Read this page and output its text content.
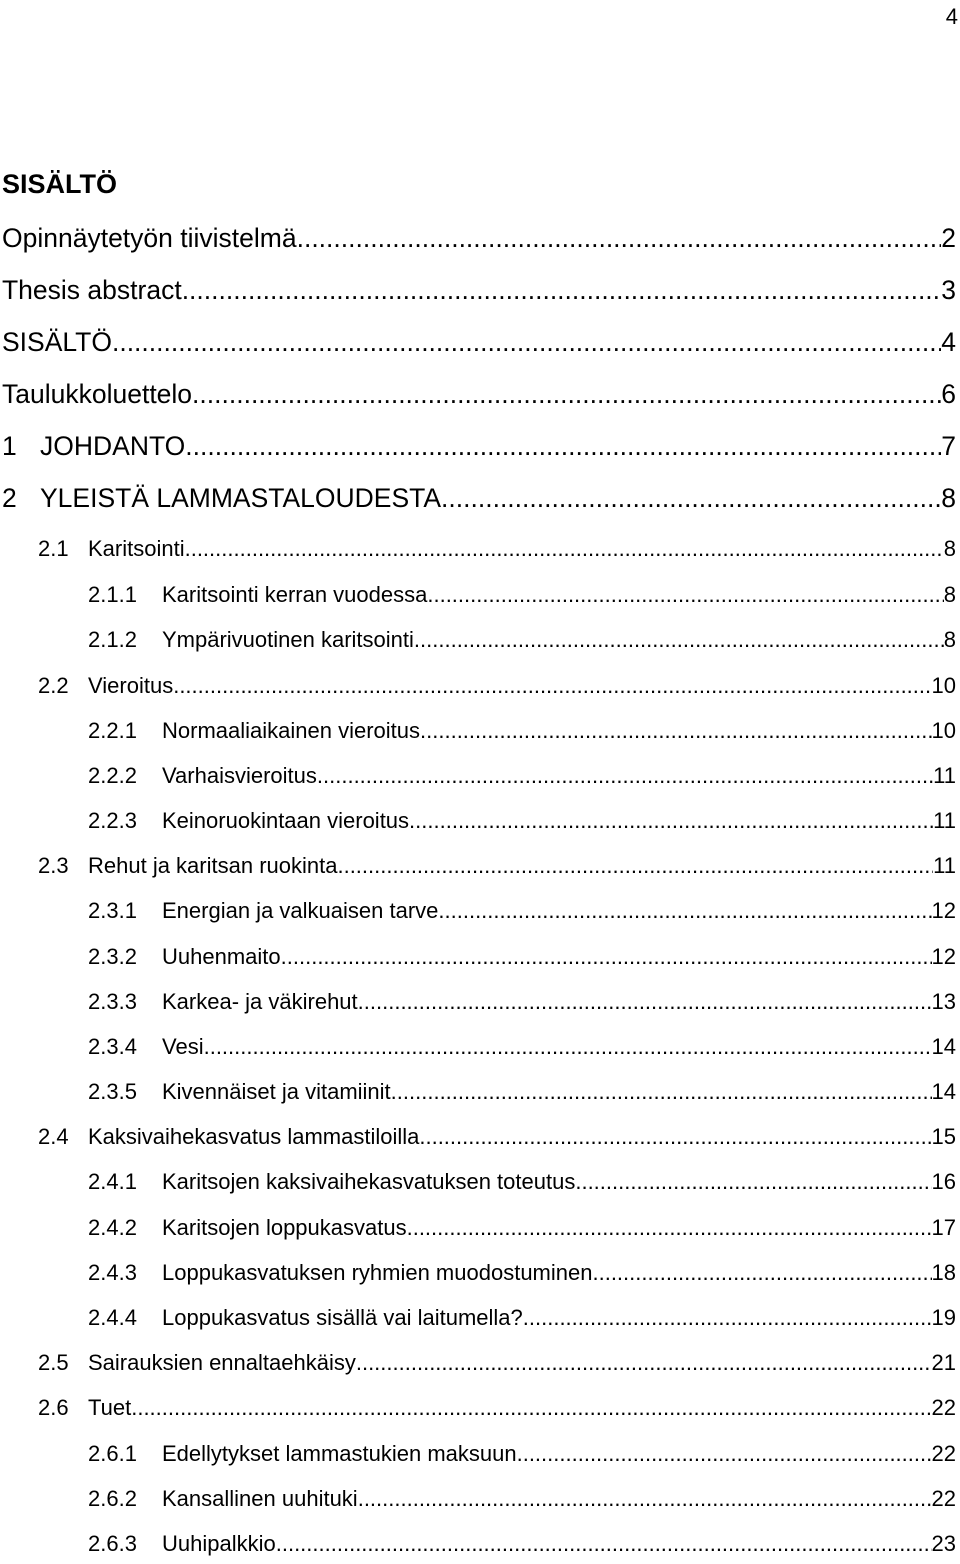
4
SISÄLTÖ
Opinnäytetyön tiivistelmä .....	2
Thesis abstract .....	3
SISÄLTÖ .....	4
Taulukkoluettelo .....	6
1 JOHDANTO .....	7
2 YLEISTÄ LAMMASTALOUDESTA .....	8
2.1 Karitsointi .....	8
2.1.1	Karitsointi kerran vuodessa .....	8
2.1.2	Ympärivuotinen karitsointi .....	8
2.2 Vieroitus .....	10
2.2.1	Normaaliaikainen vieroitus .....	10
2.2.2	Varhaisvieroitus .....	11
2.2.3	Keinoruokintaan vieroitus .....	11
2.3 Rehut ja karitsan ruokinta .....	11
2.3.1	Energian ja valkuaisen tarve .....	12
2.3.2	Uuhenmaito .....	12
2.3.3	Karkea- ja väkirehut .....	13
2.3.4	Vesi .....	14
2.3.5	Kivennäiset ja vitamiinit .....	14
2.4 Kaksivaihekasvatus lammastiloilla .....	15
2.4.1	Karitsojen kaksivaihekasvatuksen toteutus .....	16
2.4.2	Karitsojen loppukasvatus .....	17
2.4.3	Loppukasvatuksen ryhmien muodostuminen .....	18
2.4.4	Loppukasvatus sisällä vai laitumella? .....	19
2.5 Sairauksien ennaltaehkäisy .....	21
2.6 Tuet .....	22
2.6.1	Edellytykset lammastukien maksuun .....	22
2.6.2	Kansallinen uuhituki .....	22
2.6.3	Uuhipalkkio .....	23
